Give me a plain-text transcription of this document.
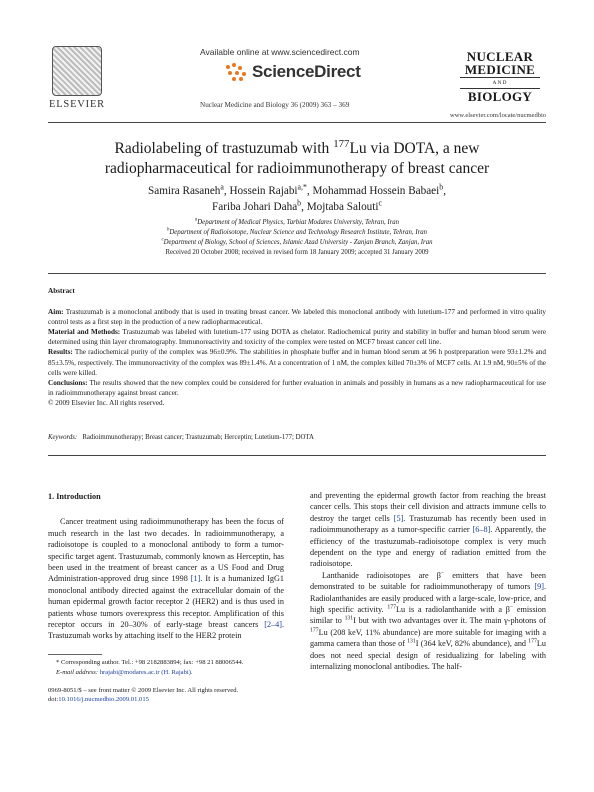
ELSEVIER
Available online at www.sciencedirect.com
ScienceDirect
Nuclear Medicine and Biology 36 (2009) 363 – 369
NUCLEAR
MEDICINE
AND
BIOLOGY
www.elsevier.com/locate/nucmedbio
Radiolabeling of trastuzumab with $^{177}$Lu via DOTA, a new
radiopharmaceutical for radioimmunotherapy of breast cancer
Samira Rasaneh$^a$, Hossein Rajabi$^{a,*}$, Mohammad Hossein Babaei$^b$,
Fariba Johari Daha$^b$, Mojtaba Salouti$^c$
$^a$Department of Medical Physics, Tarbiat Modares University, Tehran, Iran
$^b$Department of Radioisotope, Nuclear Science and Technology Research Institute, Tehran, Iran
$^c$Department of Biology, School of Sciences, Islamic Azad University - Zanjan Branch, Zanjan, Iran
Received 20 October 2008; received in revised form 18 January 2009; accepted 31 January 2009
Abstract
Aim: Trastuzumab is a monoclonal antibody that is used in treating breast cancer. We labeled this monoclonal antibody with lutetium-177 and performed in vitro quality control tests as a first step in the production of a new radiopharmaceutical.
Material and Methods: Trastuzumab was labeled with lutetium-177 using DOTA as chelator. Radiochemical purity and stability in buffer and human blood serum were determined using thin layer chromatography. Immunoreactivity and toxicity of the complex were tested on MCF7 breast cancer cell line.
Results: The radiochemical purity of the complex was 96±0.9%. The stabilities in phosphate buffer and in human blood serum at 96 h postpreparation were 93±1.2% and 85±3.5%, respectively. The immunoreactivity of the complex was 89±1.4%. At a concentration of 1 nM, the complex killed 70±3% of MCF7 cells. At 1.9 nM, 90±5% of the cells were killed.
Conclusions: The results showed that the new complex could be considered for further evaluation in animals and possibly in humans as a new radiopharmaceutical for use in radioimmunotherapy against breast cancer.
© 2009 Elsevier Inc. All rights reserved.
Keywords: Radioimmunotherapy; Breast cancer; Trastuzumab; Herceptin; Lutetium-177; DOTA
1. Introduction

Cancer treatment using radioimmunotherapy has been the focus of much research in the last two decades. In radioimmunotherapy, a radioisotope is coupled to a monoclonal antibody to form a tumor-specific target agent. Trastuzumab, commonly known as Herceptin, has been used in the treatment of breast cancer as a US Food and Drug Administration-approved drug since 1998 [1]. It is a humanized IgG1 monoclonal antibody directed against the extracellular domain of the human epidermal growth factor receptor 2 (HER2) and is thus used in patients whose tumors overexpress this receptor. Amplification of this receptor occurs in 20–30% of early-stage breast cancers [2–4]. Trastuzumab works by attaching itself to the HER2 protein

and preventing the epidermal growth factor from reaching the breast cancer cells. This stops their cell division and attracts immune cells to destroy the target cells [5]. Trastuzumab has recently been used in radioimmunotherapy as a tumor-specific carrier [6–8]. Apparently, the efficiency of the trastuzumab–radioisotope complex is very much dependent on the type and energy of radiation emitted from the radioisotope.

Lanthanide radioisotopes are β− emitters that have been demonstrated to be suitable for radioimmunotherapy of tumors [9]. Radiolanthanides are easily produced with a large-scale, low-price, and high specific activity. $^{177}$Lu is a radiolanthanide with a β− emission similar to $^{131}$I but with two advantages over it. The main γ-photons of $^{177}$Lu (208 keV, 11% abundance) are more suitable for imaging with a gamma camera than those of $^{131}$I (364 keV, 82% abundance), and $^{177}$Lu does not need special design of residualizing for labeling with internalizing monoclonal antibodies. The half-

* Corresponding author. Tel.: +98 2182883894; fax: +98 21 88006544.
E-mail address: hrajabi@modares.ac.ir (H. Rajabi).
0969-8051/$ – see front matter © 2009 Elsevier Inc. All rights reserved.
doi:10.1016/j.nucmedbio.2009.01.015
